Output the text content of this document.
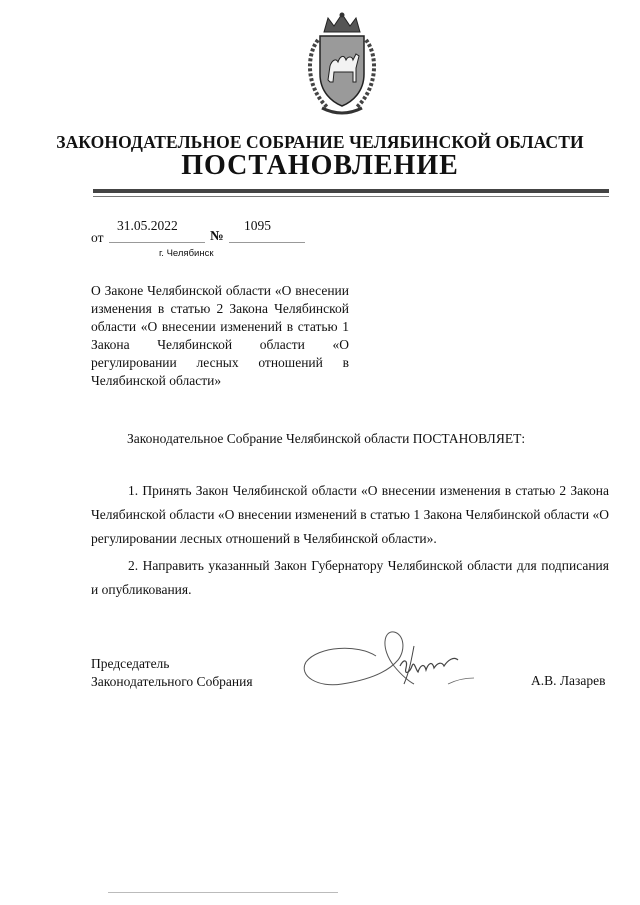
ЗАКОНОДАТЕЛЬНОЕ СОБРАНИЕ ЧЕЛЯБИНСКОЙ ОБЛАСТИ
ПОСТАНОВЛЕНИЕ
от
31.05.2022
№
1095
г. Челябинск
О Законе Челябинской области «О внесении изменения в статью 2 Закона Челябинской области «О внесении изменений в статью 1 Закона Челябинской области «О регулировании лесных отношений в Челябинской области»
Законодательное Собрание Челябинской области ПОСТАНОВЛЯЕТ:
1. Принять Закон Челябинской области «О внесении изменения в статью 2 Закона Челябинской области «О внесении изменений в статью 1 Закона Челябинской области «О регулировании лесных отношений в Челябинской области».
2. Направить указанный Закон Губернатору Челябинской области для подписания и опубликования.
Председатель
Законодательного Собрания	А.В. Лазарев
